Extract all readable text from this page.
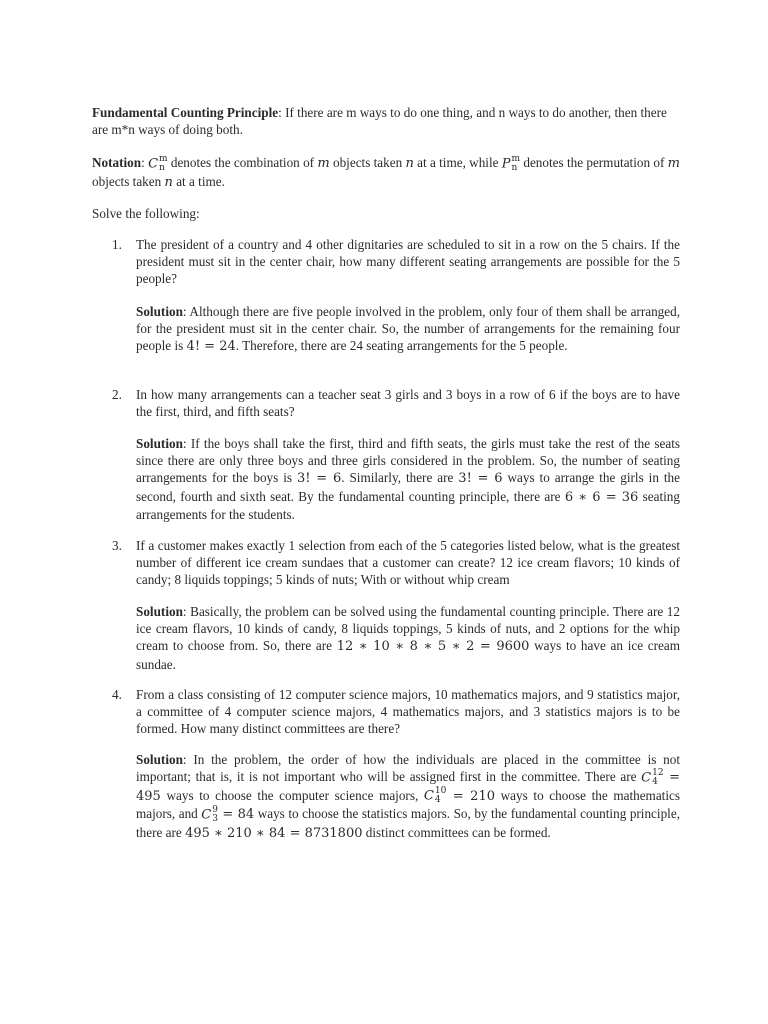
Fundamental Counting Principle: If there are m ways to do one thing, and n ways to do another, then there are m*n ways of doing both.

Notation: C m
n denotes the combination of m objects taken n at a time, while P m
n denotes the permutation of m objects taken n at a time.

Solve the following:

1.	The president of a country and 4 other dignitaries are scheduled to sit in a row on the 5 chairs. If the president must sit in the center chair, how many different seating arrangements are possible for the 5 people?
Solution: Although there are five people involved in the problem, only four of them shall be arranged, for the president must sit in the center chair. So, the number of arrangements for the remaining four people is 4! = 24. Therefore, there are 24 seating arrangements for the 5 people.
2.	In how many arrangements can a teacher seat 3 girls and 3 boys in a row of 6 if the boys are to have the first, third, and fifth seats?
Solution: If the boys shall take the first, third and fifth seats, the girls must take the rest of the seats since there are only three boys and three girls considered in the problem. So, the number of seating arrangements for the boys is 3! = 6. Similarly, there are 3! = 6 ways to arrange the girls in the second, fourth and sixth seat. By the fundamental counting principle, there are 6 ∗ 6 = 36 seating arrangements for the students.
3.	If a customer makes exactly 1 selection from each of the 5 categories listed below, what is the greatest number of different ice cream sundaes that a customer can create? 12 ice cream flavors; 10 kinds of candy; 8 liquids toppings; 5 kinds of nuts; With or without whip cream
Solution: Basically, the problem can be solved using the fundamental counting principle. There are 12 ice cream flavors, 10 kinds of candy, 8 liquids toppings, 5 kinds of nuts, and 2 options for the whip cream to choose from. So, there are 12 ∗ 10 ∗ 8 ∗ 5 ∗ 2 = 9600 ways to have an ice cream sundae.
4.	From a class consisting of 12 computer science majors, 10 mathematics majors, and 9 statistics major, a committee of 4 computer science majors, 4 mathematics majors, and 3 statistics majors is to be formed. How many distinct committees are there?
Solution: In the problem, the order of how the individuals are placed in the committee is not important; that is, it is not important who will be assigned first in the committee. There are C 12
4 = 495 ways to choose the computer science majors, C 10
4 = 210 ways to choose the mathematics majors, and C 9
3 = 84 ways to choose the statistics majors. So, by the fundamental counting principle, there are 495 ∗ 210 ∗ 84 = 8731800 distinct committees can be formed.
